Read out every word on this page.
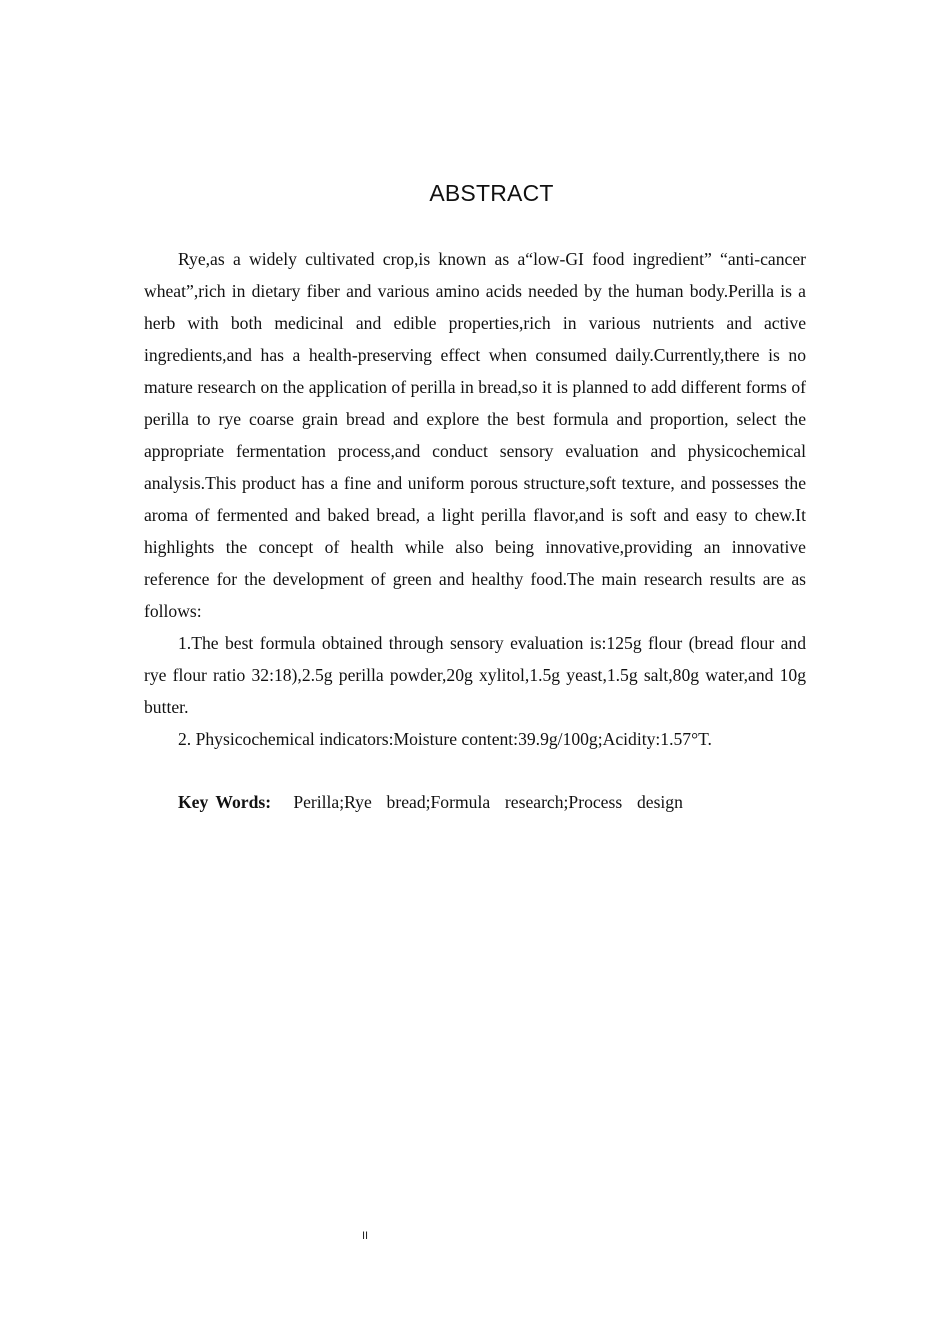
ABSTRACT

Rye,as a widely cultivated crop,is known as a“low-GI food ingredient” “anti-cancer wheat”,rich in dietary fiber and various amino acids needed by the human body.Perilla is a herb with both medicinal and edible properties,rich in various nutrients and active ingredients,and has a health-preserving effect when consumed daily.Currently,there is no mature research on the application of perilla in bread,so it is planned to add different forms of perilla to rye coarse grain bread and explore the best formula and proportion, select the appropriate fermentation process,and conduct sensory evaluation and physicochemical analysis.This product has a fine and uniform porous structure,soft texture, and possesses the aroma of fermented and baked bread, a light perilla flavor,and is soft and easy to chew.It highlights the concept of health while also being innovative,providing an innovative reference for the development of green and healthy food.The main research results are as follows:

1.The best formula obtained through sensory evaluation is:125g flour (bread flour and rye flour ratio 32:18),2.5g perilla powder,20g xylitol,1.5g yeast,1.5g salt,80g water,and 10g butter.

2. Physicochemical indicators:Moisture content:39.9g/100g;Acidity:1.57°T.

Key Words: Perilla;Rye  bread;Formula  research;Process  design
II
